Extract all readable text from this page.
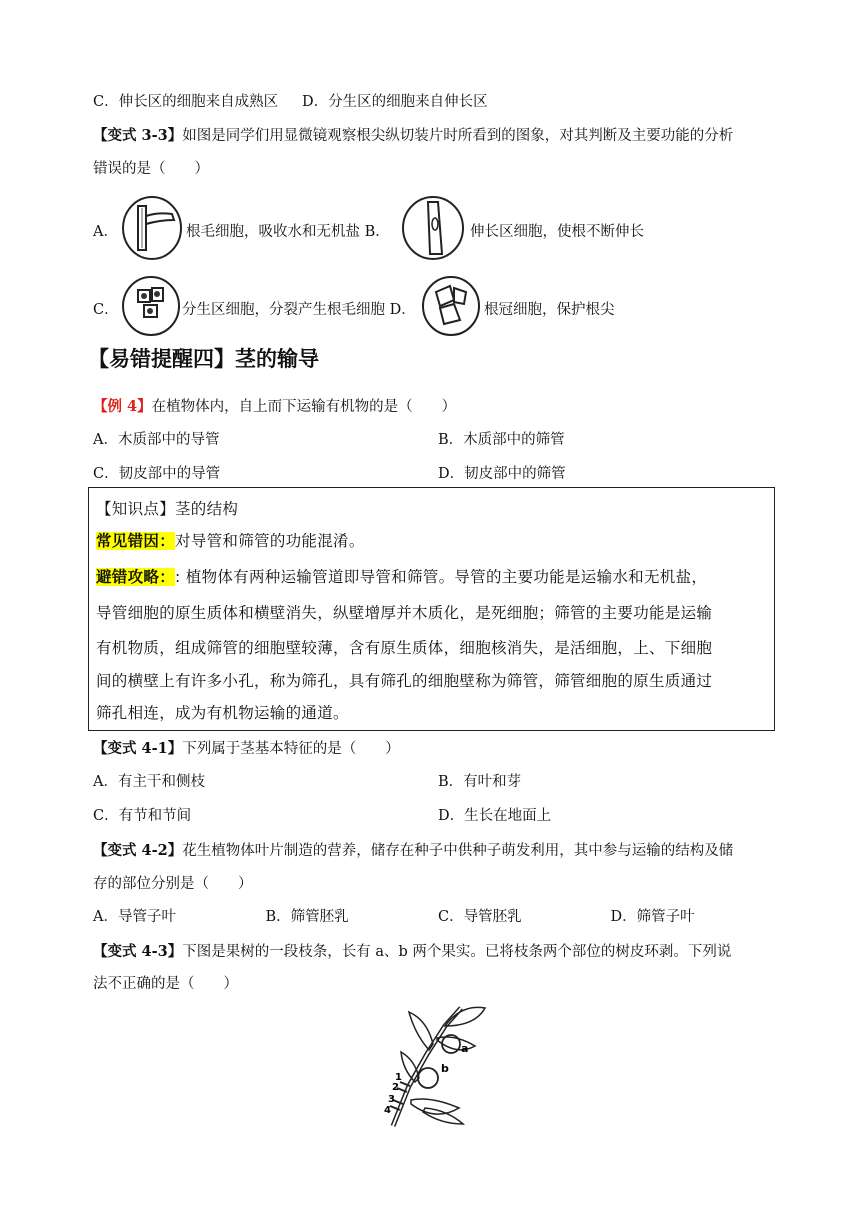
C．伸长区的细胞来自成熟区 D．分生区的细胞来自伸长区
【变式 3-3】如图是同学们用显微镜观察根尖纵切装片时所看到的图象，对其判断及主要功能的分析
错误的是（　　）
A．	根毛细胞，吸收水和无机盐 B．	伸长区细胞，使根不断伸长
C．	分生区细胞，分裂产生根毛细胞 D．	根冠细胞，保护根尖
【易错提醒四】茎的输导
【例 4】在植物体内，自上而下运输有机物的是（　　）
A．木质部中的导管	B．木质部中的筛管
C．韧皮部中的导管	D．韧皮部中的筛管
【知识点】茎的结构
常见错因：对导管和筛管的功能混淆。
避错攻略：: 植物体有两种运输管道即导管和筛管。导管的主要功能是运输水和无机盐，
导管细胞的原生质体和横壁消失，纵壁增厚并木质化，是死细胞；筛管的主要功能是运输
有机物质，组成筛管的细胞壁较薄，含有原生质体，细胞核消失，是活细胞，上、下细胞
间的横壁上有许多小孔，称为筛孔，具有筛孔的细胞壁称为筛管，筛管细胞的原生质通过
筛孔相连，成为有机物运输的通道。
【变式 4-1】下列属于茎基本特征的是（　　）
A．有主干和侧枝	B．有叶和芽
C．有节和节间	D．生长在地面上
【变式 4-2】花生植物体叶片制造的营养，储存在种子中供种子萌发利用，其中参与运输的结构及储
存的部位分别是（　　）
A．导管子叶	B．筛管胚乳	C．导管胚乳	D．筛管子叶
【变式 4-3】下图是果树的一段枝条，长有 a、b 两个果实。已将枝条两个部位的树皮环剥。下列说
法不正确的是（　　）
a
b
1
2
3
4
